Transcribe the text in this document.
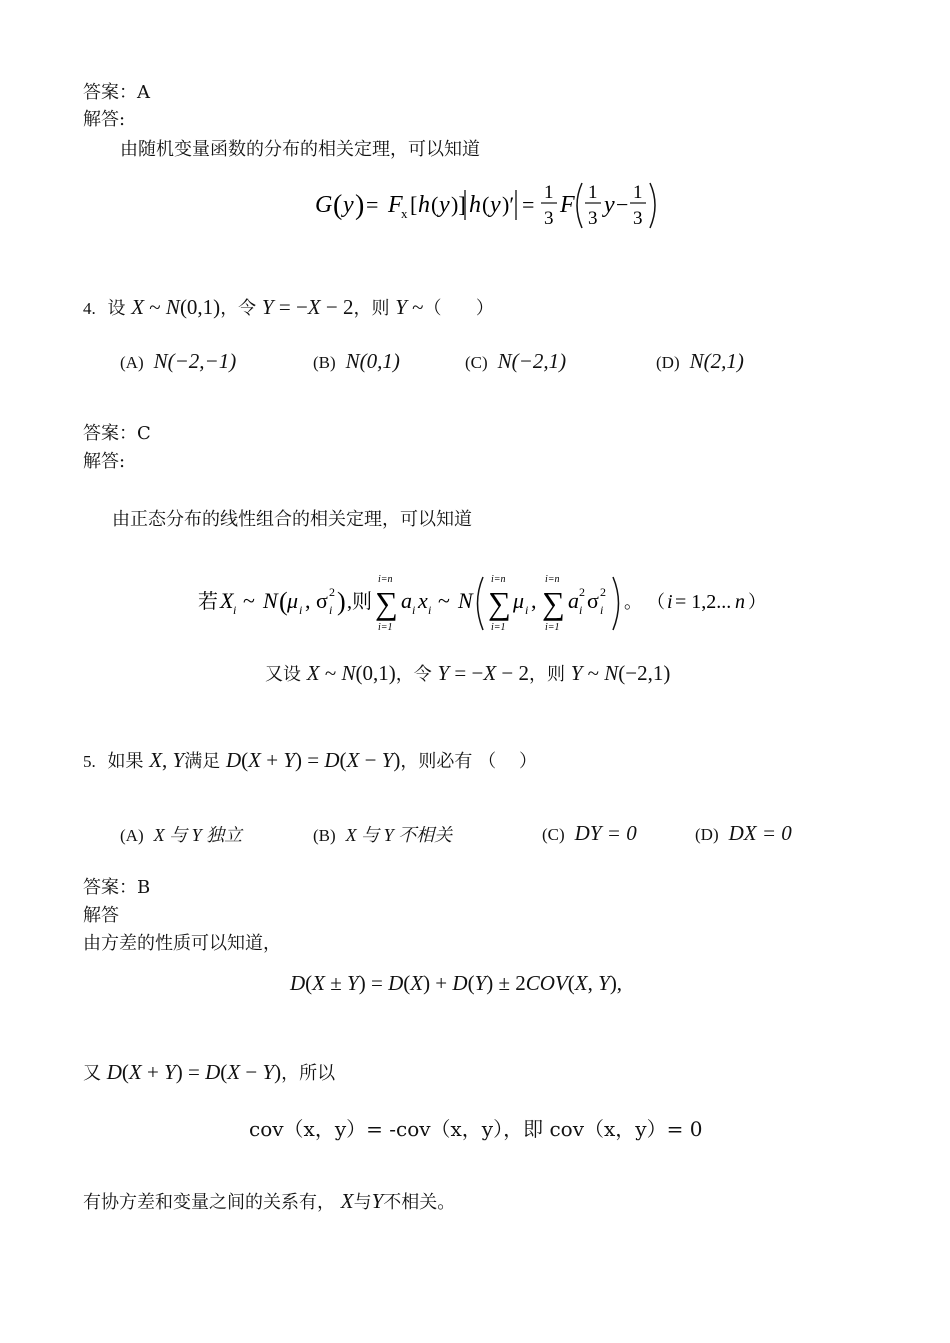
答案：A
解答:
由随机变量函数的分布的相关定理，可以知道
G ( y ) = F
x [ h ( y )] h ( y )′ = 1
3
F 1
3
y − 1
3
4. 设 X ~ N(0,1)，令 Y = −X − 2，则 Y ~（      ）
(A) N(−2,−1)	(B) N(0,1)	(C) N(−2,1)	(D) N(2,1)
答案：C
解答:
由正态分布的线性组合的相关定理，可以知道
若 X i ~ N ( μ i , σ i
2 ) ,则
i=n
∑
i=1
a i x i ~ N
i=n
∑
i=1
μ i ,
i=n
∑
i=1
a 2
i σ 2
i 。 （ i = 1,2... n ）
又设 X ~ N(0,1)，令 Y = −X − 2，则 Y ~ N(−2,1)
5. 如果 X, Y满足 D(X + Y) = D(X − Y)，则必有 （    ）
(A) X 与 Y 独立	(B) X 与 Y 不相关	(C) DY = 0	(D) DX = 0
答案：B
解答
由方差的性质可以知道，
D(X ± Y) = D(X) + D(Y) ± 2COV(X, Y),
又 D(X + Y) = D(X − Y)，所以
cov（x，y）= -cov（x，y），即 cov（x，y）= 0
有协方差和变量之间的关系有， X与Y不相关。
